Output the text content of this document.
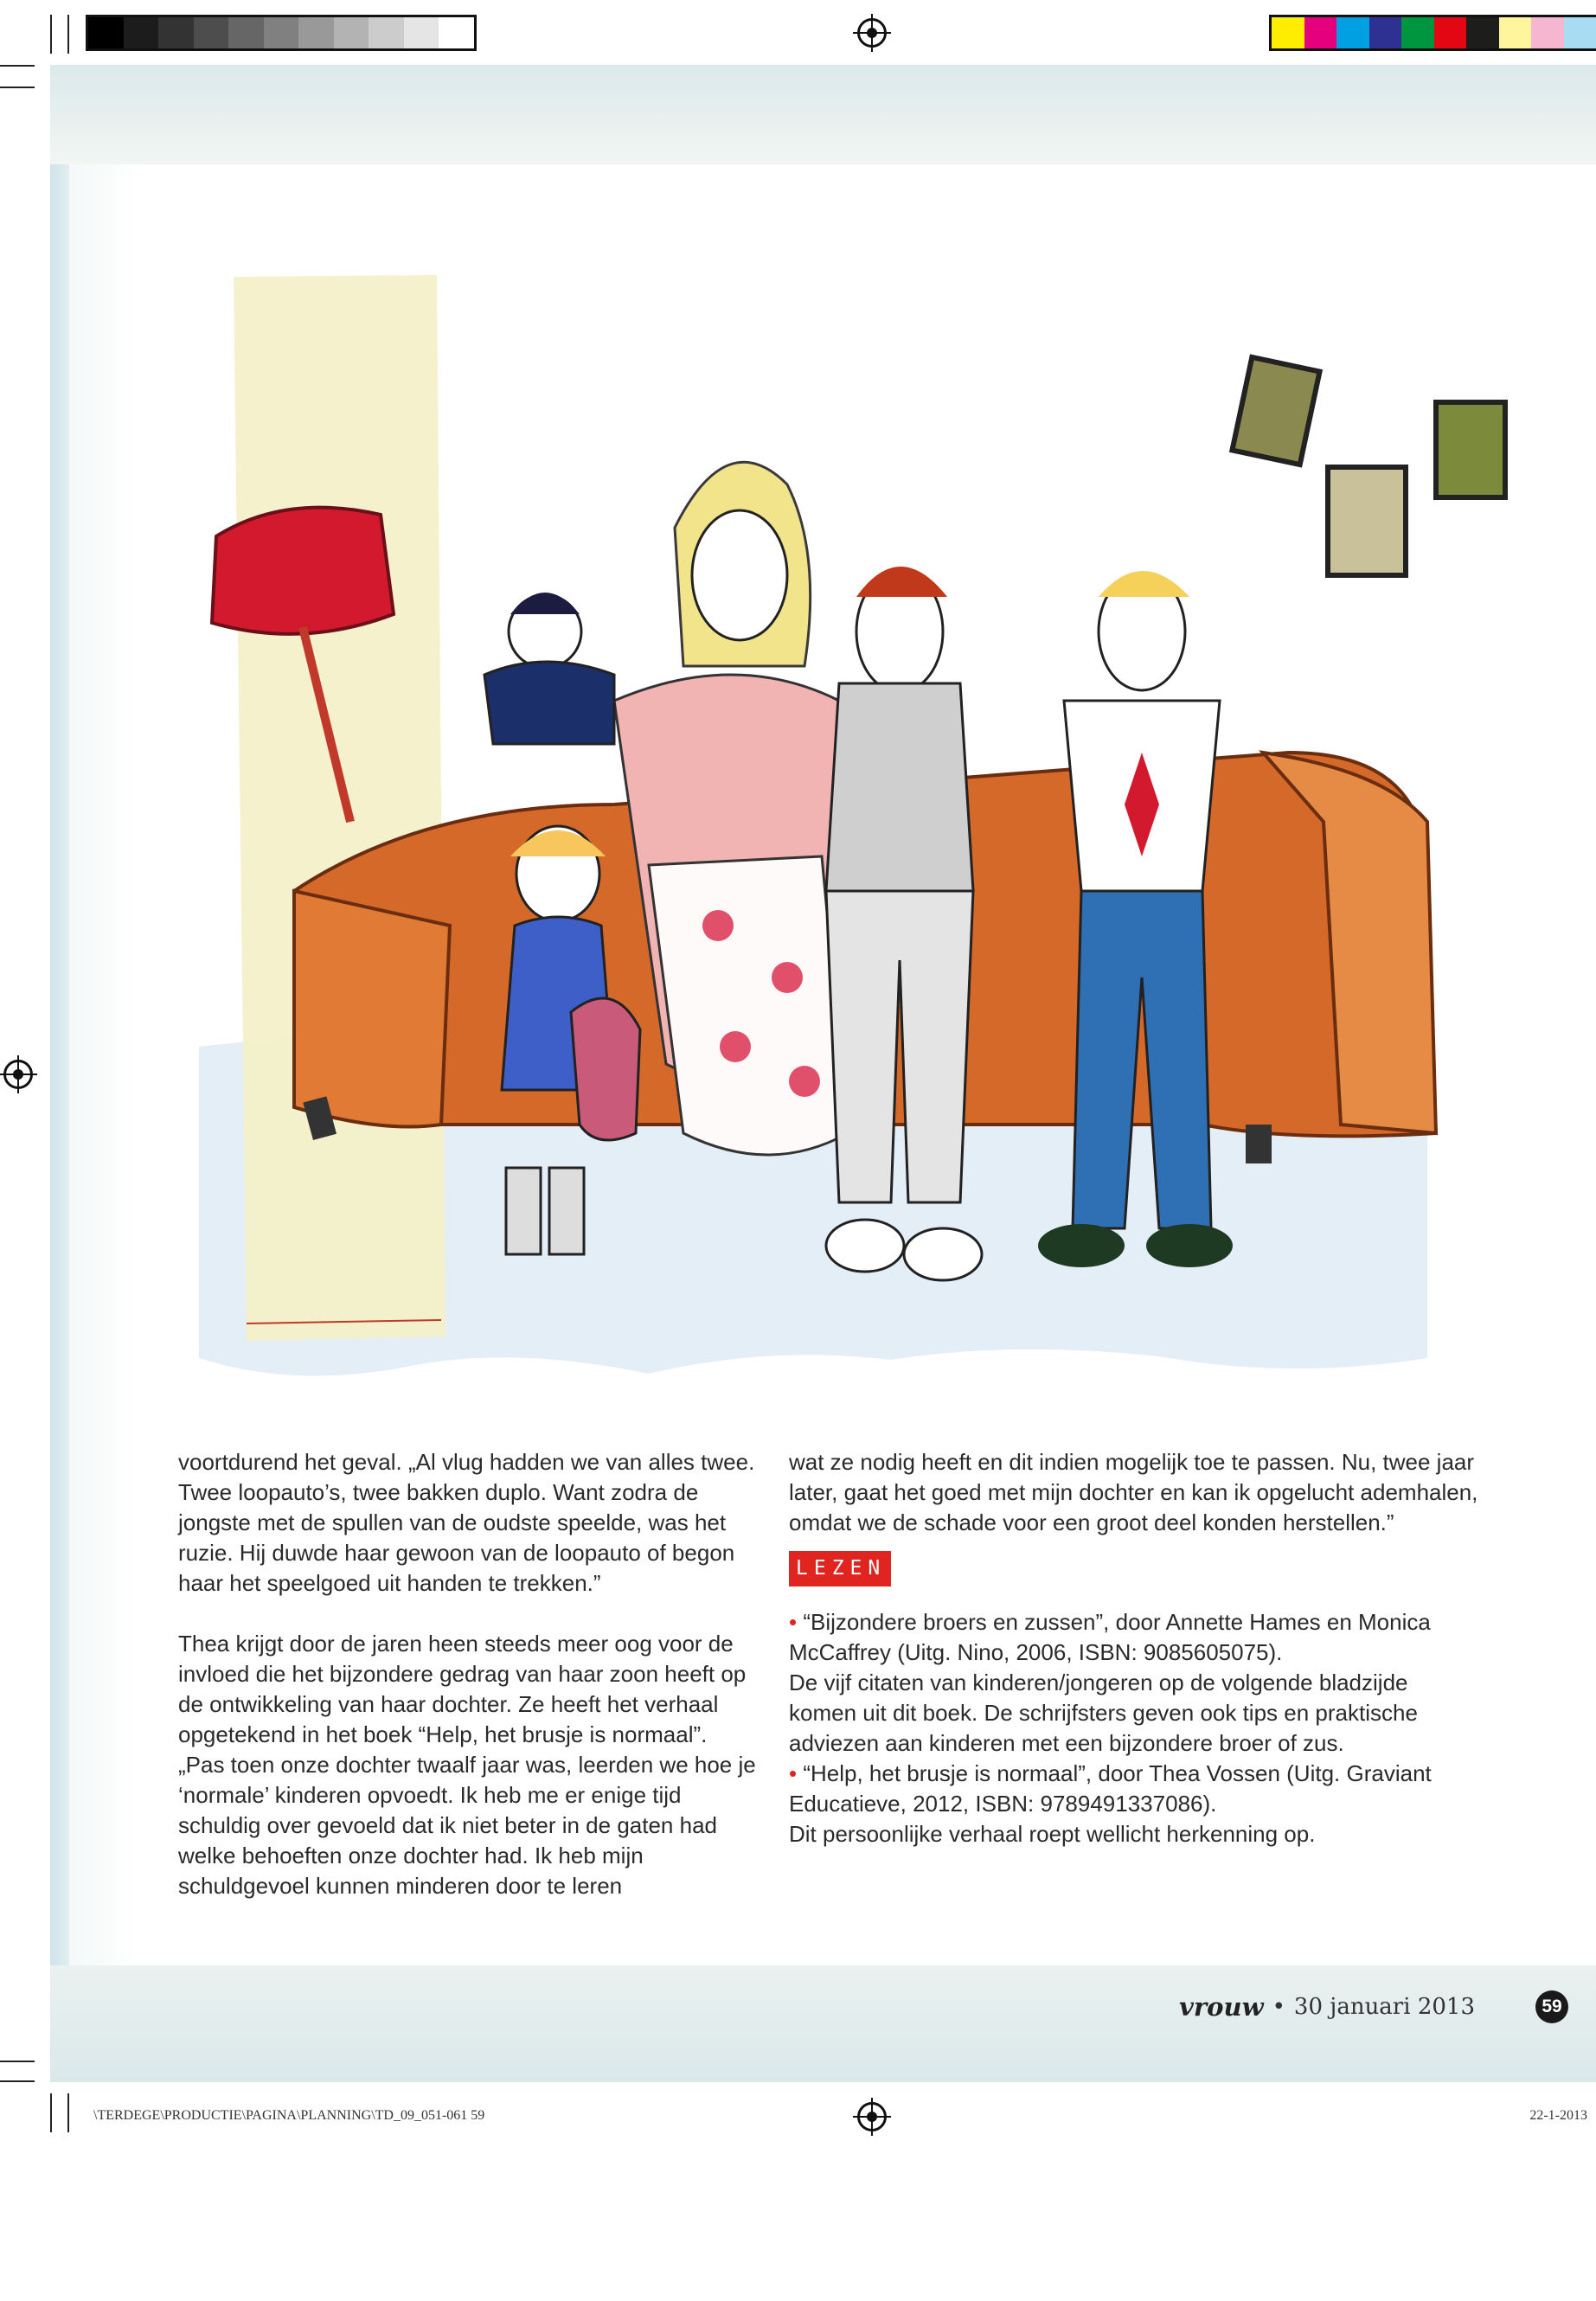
voortdurend het geval. „Al vlug hadden we van alles twee. Twee loopauto’s, twee bakken duplo. Want zodra de jongste met de spullen van de oudste speelde, was het ruzie. Hij duwde haar gewoon van de loopauto of begon haar het speelgoed uit handen te trekken.”

Thea krijgt door de jaren heen steeds meer oog voor de invloed die het bijzondere gedrag van haar zoon heeft op de ontwikkeling van haar dochter. Ze heeft het verhaal opgetekend in het boek “Help, het brusje is normaal”. „Pas toen onze dochter twaalf jaar was, leerden we hoe je ‘normale’ kinderen opvoedt. Ik heb me er enige tijd schuldig over gevoeld dat ik niet beter in de gaten had welke behoeften onze dochter had. Ik heb mijn schuldgevoel kunnen minderen door te leren

wat ze nodig heeft en dit indien mogelijk toe te passen. Nu, twee jaar later, gaat het goed met mijn dochter en kan ik opgelucht ademhalen, omdat we de schade voor een groot deel konden herstellen.”

LEZEN

• “Bijzondere broers en zussen”, door Annette Hames en Monica McCaffrey (Uitg. Nino, 2006, ISBN: 9085605075).

De vijf citaten van kinderen/jongeren op de volgende bladzijde komen uit dit boek. De schrijfsters geven ook tips en praktische adviezen aan kinderen met een bijzondere broer of zus.

• “Help, het brusje is normaal”, door Thea Vossen (Uitg. Graviant Educatieve, 2012, ISBN: 9789491337086).

Dit persoonlijke verhaal roept wellicht herkenning op.

vrouw • 30 januari 2013	59
\TERDEGE\PRODUCTIE\PAGINA\PLANNING\TD_09_051-061 59	22-1-2013
